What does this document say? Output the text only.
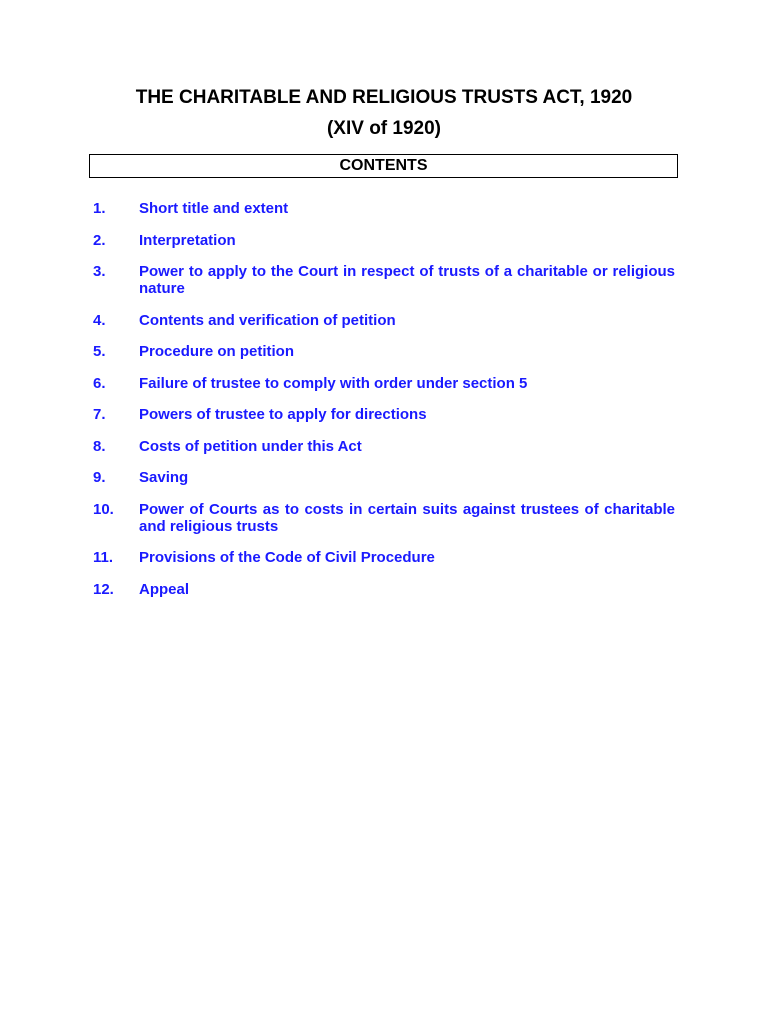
THE CHARITABLE AND RELIGIOUS TRUSTS ACT, 1920
(XIV of 1920)
CONTENTS
1.	Short title and extent
2.	Interpretation
3.	Power to apply to the Court in respect of trusts of a charitable or religious nature
4.	Contents and verification of petition
5.	Procedure on petition
6.	Failure of trustee to comply with order under section 5
7.	Powers of trustee to apply for directions
8.	Costs of petition under this Act
9.	Saving
10.	Power of Courts as to costs in certain suits against trustees of charitable and religious trusts
11.	Provisions of the Code of Civil Procedure
12.	Appeal
